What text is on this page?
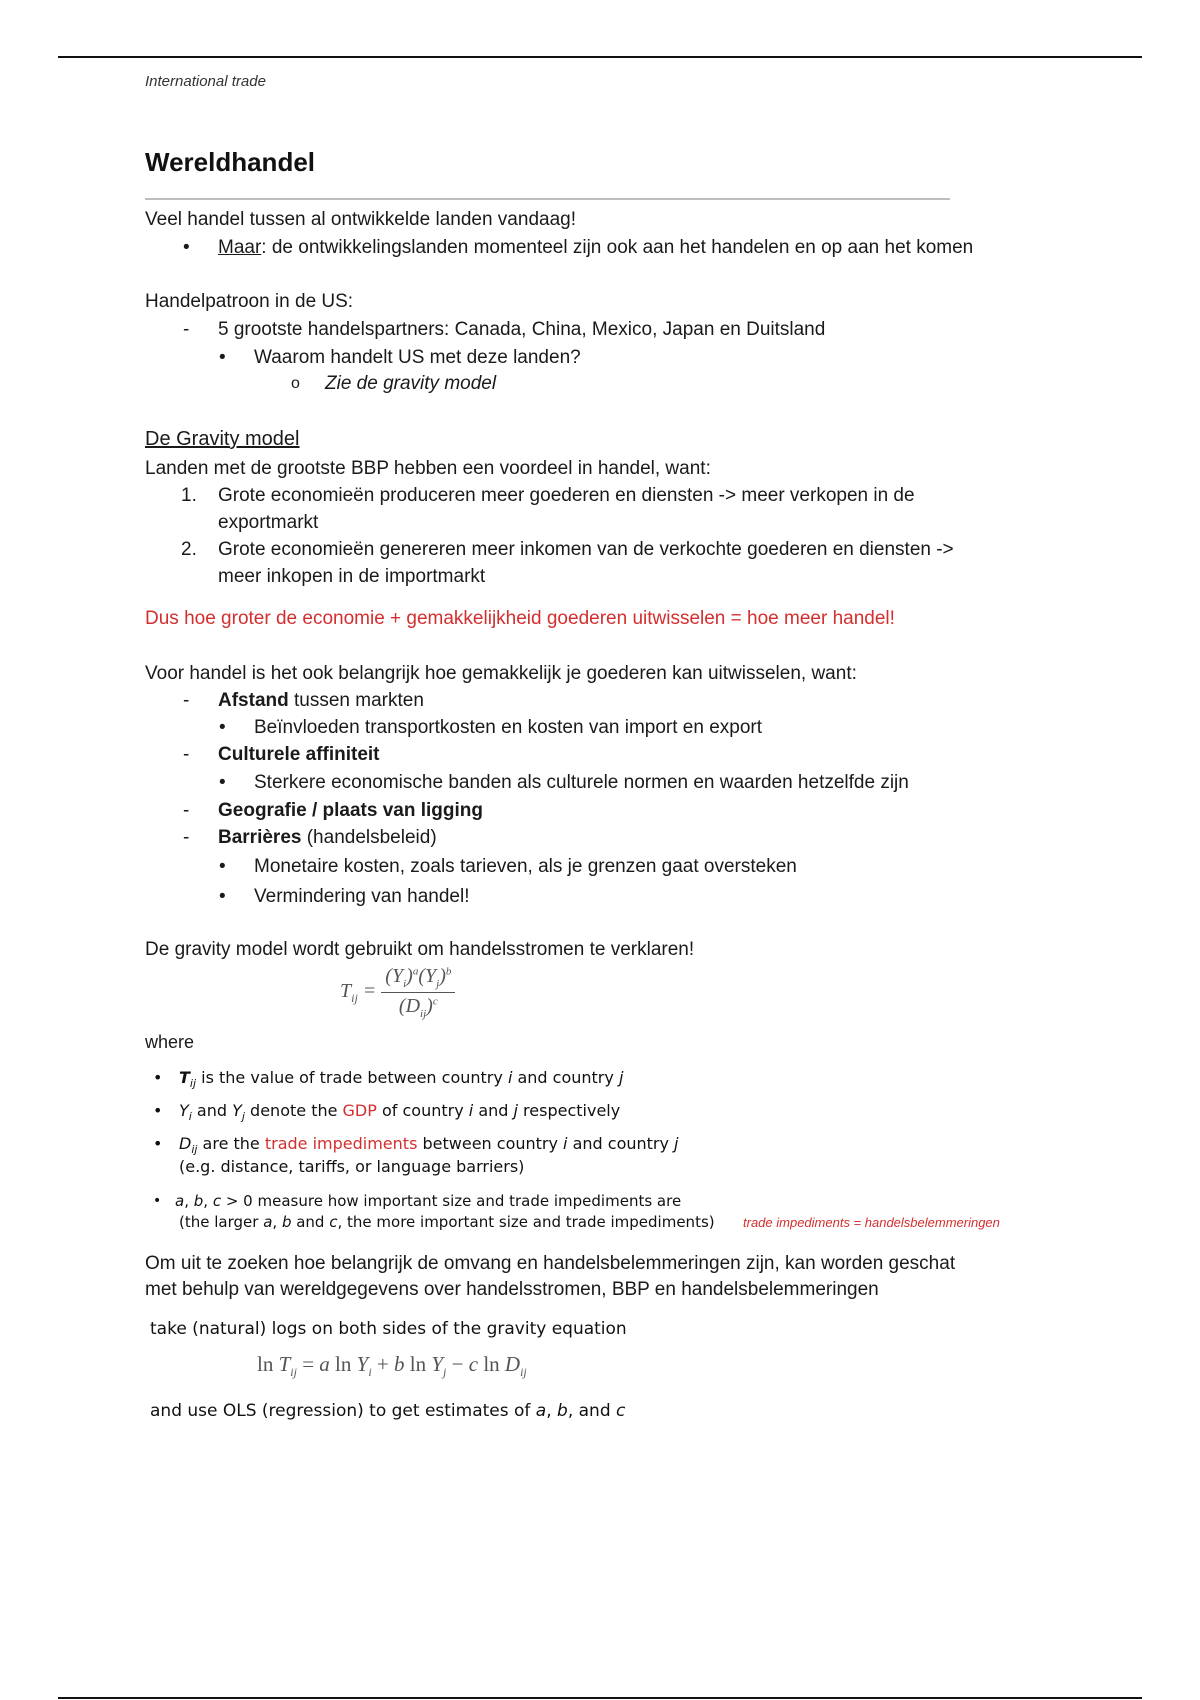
International trade
Wereldhandel
Veel handel tussen al ontwikkelde landen vandaag!
• Maar: de ontwikkelingslanden momenteel zijn ook aan het handelen en op aan het komen
Handelpatroon in de US:
- 5 grootste handelspartners: Canada, China, Mexico, Japan en Duitsland
• Waarom handelt US met deze landen?
o Zie de gravity model
De Gravity model
Landen met de grootste BBP hebben een voordeel in handel, want:
1. Grote economieën produceren meer goederen en diensten -> meer verkopen in de
exportmarkt
2. Grote economieën genereren meer inkomen van de verkochte goederen en diensten ->
meer inkopen in de importmarkt
Dus hoe groter de economie + gemakkelijkheid goederen uitwisselen = hoe meer handel!
Voor handel is het ook belangrijk hoe gemakkelijk je goederen kan uitwisselen, want:
- Afstand tussen markten
• Beïnvloeden transportkosten en kosten van import en export
- Culturele affiniteit
• Sterkere economische banden als culturele normen en waarden hetzelfde zijn
- Geografie / plaats van ligging
- Barrières (handelsbeleid)
• Monetaire kosten, zoals tarieven, als je grenzen gaat oversteken
• Vermindering van handel!
De gravity model wordt gebruikt om handelsstromen te verklaren!
$T_{ij} = \frac{(Y_i)^a(Y_j)^b}{(D_{ij})^c}$
where
• $T_{ij}$ is the value of trade between country i and country j
• $Y_i$ and $Y_j$ denote the GDP of country i and j respectively
• $D_{ij}$ are the trade impediments between country i and country j
(e.g. distance, tariffs, or language barriers)
• a, b, c > 0 measure how important size and trade impediments are
(the larger a, b and c, the more important size and trade impediments) trade impediments = handelsbelemmeringen
Om uit te zoeken hoe belangrijk de omvang en handelsbelemmeringen zijn, kan worden geschat
met behulp van wereldgegevens over handelsstromen, BBP en handelsbelemmeringen
take (natural) logs on both sides of the gravity equation
$\ln T_{ij} = a$ $\ln Y_i + b$ $\ln Y_j - c$ $\ln D_{ij}$
and use OLS (regression) to get estimates of a, b, and c
